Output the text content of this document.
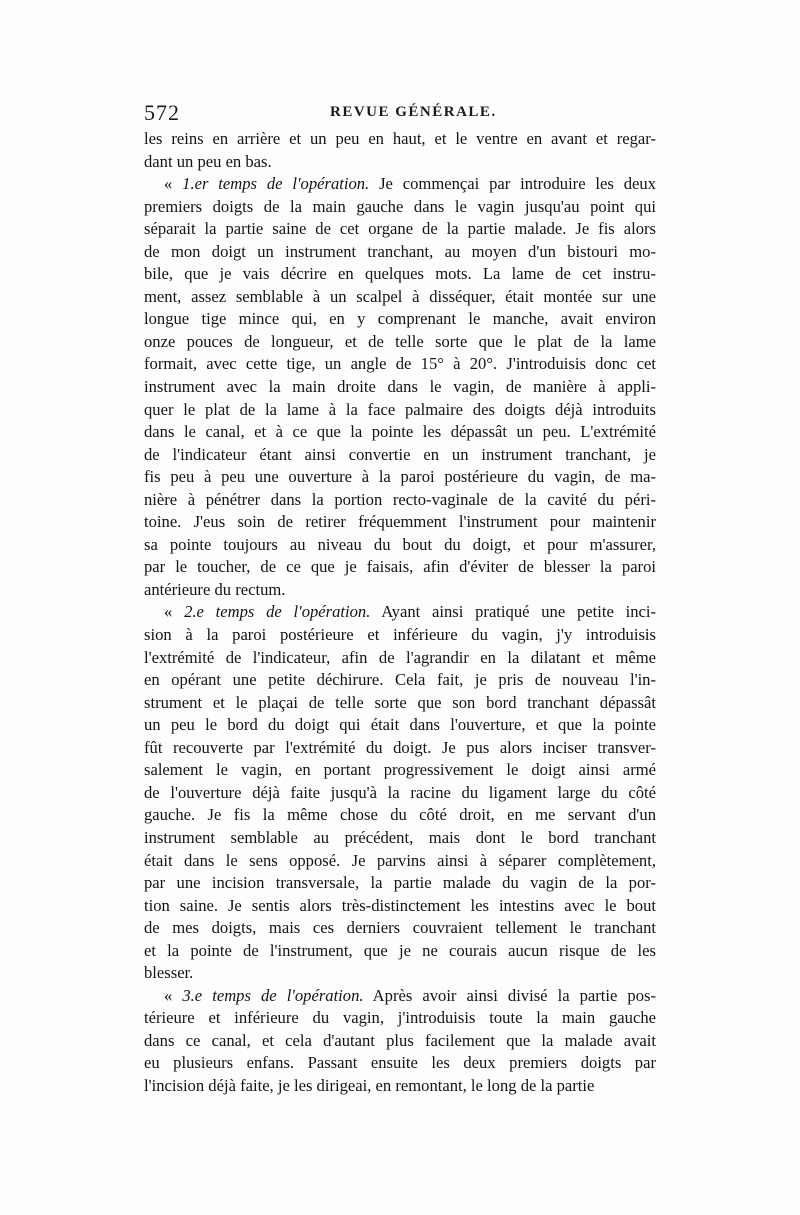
572	REVUE GÉNÉRALE.
les reins en arrière et un peu en haut, et le ventre en avant et regar-
dant un peu en bas.
« 1.er temps de l'opération. Je commençai par introduire les deux
premiers doigts de la main gauche dans le vagin jusqu'au point qui
séparait la partie saine de cet organe de la partie malade. Je fis alors
de mon doigt un instrument tranchant, au moyen d'un bistouri mo-
bile, que je vais décrire en quelques mots. La lame de cet instru-
ment, assez semblable à un scalpel à disséquer, était montée sur une
longue tige mince qui, en y comprenant le manche, avait environ
onze pouces de longueur, et de telle sorte que le plat de la lame
formait, avec cette tige, un angle de 15° à 20°. J'introduisis donc cet
instrument avec la main droite dans le vagin, de manière à appli-
quer le plat de la lame à la face palmaire des doigts déjà introduits
dans le canal, et à ce que la pointe les dépassât un peu. L'extrémité
de l'indicateur étant ainsi convertie en un instrument tranchant, je
fis peu à peu une ouverture à la paroi postérieure du vagin, de ma-
nière à pénétrer dans la portion recto-vaginale de la cavité du péri-
toine. J'eus soin de retirer fréquemment l'instrument pour maintenir
sa pointe toujours au niveau du bout du doigt, et pour m'assurer,
par le toucher, de ce que je faisais, afin d'éviter de blesser la paroi
antérieure du rectum.
« 2.e temps de l'opération. Ayant ainsi pratiqué une petite inci-
sion à la paroi postérieure et inférieure du vagin, j'y introduisis
l'extrémité de l'indicateur, afin de l'agrandir en la dilatant et même
en opérant une petite déchirure. Cela fait, je pris de nouveau l'in-
strument et le plaçai de telle sorte que son bord tranchant dépassât
un peu le bord du doigt qui était dans l'ouverture, et que la pointe
fût recouverte par l'extrémité du doigt. Je pus alors inciser transver-
salement le vagin, en portant progressivement le doigt ainsi armé
de l'ouverture déjà faite jusqu'à la racine du ligament large du côté
gauche. Je fis la même chose du côté droit, en me servant d'un
instrument semblable au précédent, mais dont le bord tranchant
était dans le sens opposé. Je parvins ainsi à séparer complètement,
par une incision transversale, la partie malade du vagin de la por-
tion saine. Je sentis alors très-distinctement les intestins avec le bout
de mes doigts, mais ces derniers couvraient tellement le tranchant
et la pointe de l'instrument, que je ne courais aucun risque de les
blesser.
« 3.e temps de l'opération. Après avoir ainsi divisé la partie pos-
térieure et inférieure du vagin, j'introduisis toute la main gauche
dans ce canal, et cela d'autant plus facilement que la malade avait
eu plusieurs enfans. Passant ensuite les deux premiers doigts par
l'incision déjà faite, je les dirigeai, en remontant, le long de la partie
